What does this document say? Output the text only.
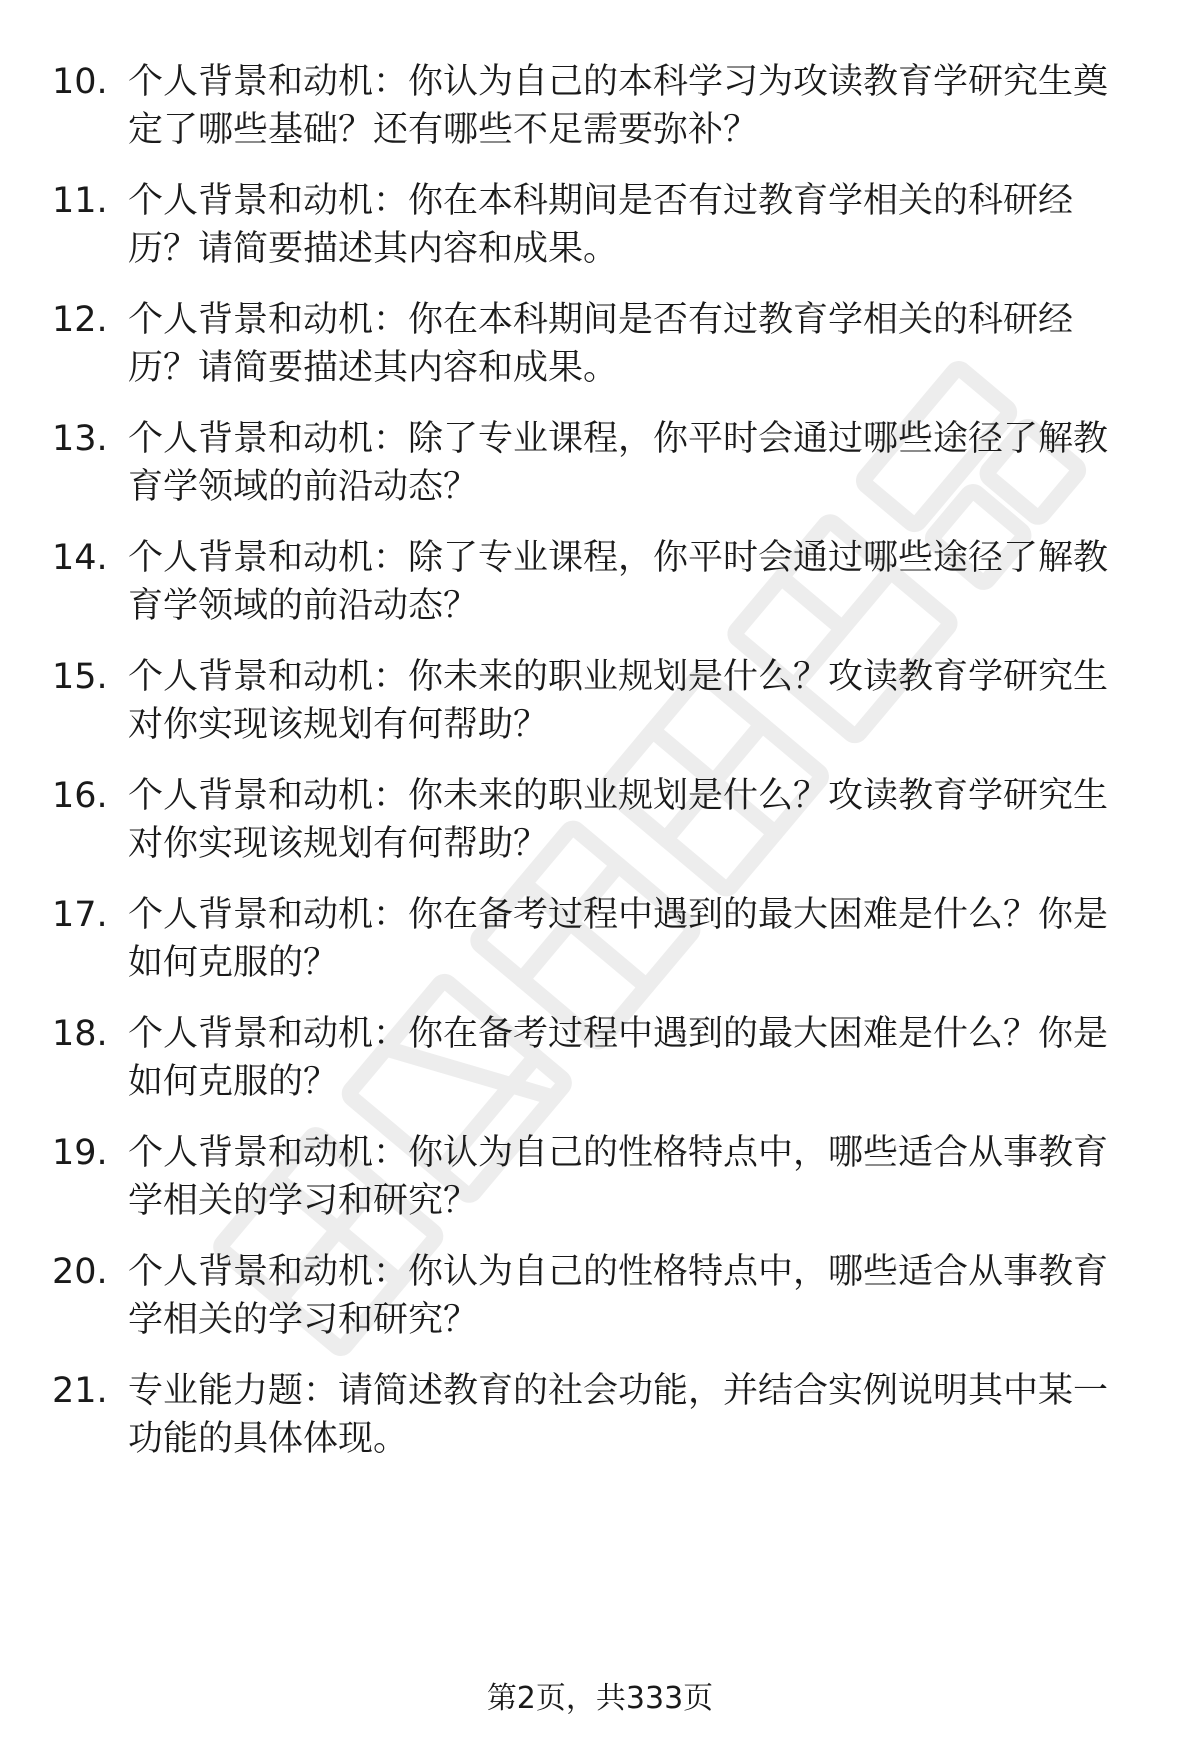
10. 个人背景和动机：你认为自己的本科学习为攻读教育学研究生奠
定了哪些基础？还有哪些不足需要弥补？
11. 个人背景和动机：你在本科期间是否有过教育学相关的科研经
历？请简要描述其内容和成果。
12. 个人背景和动机：你在本科期间是否有过教育学相关的科研经
历？请简要描述其内容和成果。
13. 个人背景和动机：除了专业课程，你平时会通过哪些途径了解教
育学领域的前沿动态？
14. 个人背景和动机：除了专业课程，你平时会通过哪些途径了解教
育学领域的前沿动态？
15. 个人背景和动机：你未来的职业规划是什么？攻读教育学研究生
对你实现该规划有何帮助？
16. 个人背景和动机：你未来的职业规划是什么？攻读教育学研究生
对你实现该规划有何帮助？
17. 个人背景和动机：你在备考过程中遇到的最大困难是什么？你是
如何克服的？
18. 个人背景和动机：你在备考过程中遇到的最大困难是什么？你是
如何克服的？
19. 个人背景和动机：你认为自己的性格特点中，哪些适合从事教育
学相关的学习和研究？
20. 个人背景和动机：你认为自己的性格特点中，哪些适合从事教育
学相关的学习和研究？
21. 专业能力题：请简述教育的社会功能，并结合实例说明其中某一
功能的具体体现。
第2页，共333页
